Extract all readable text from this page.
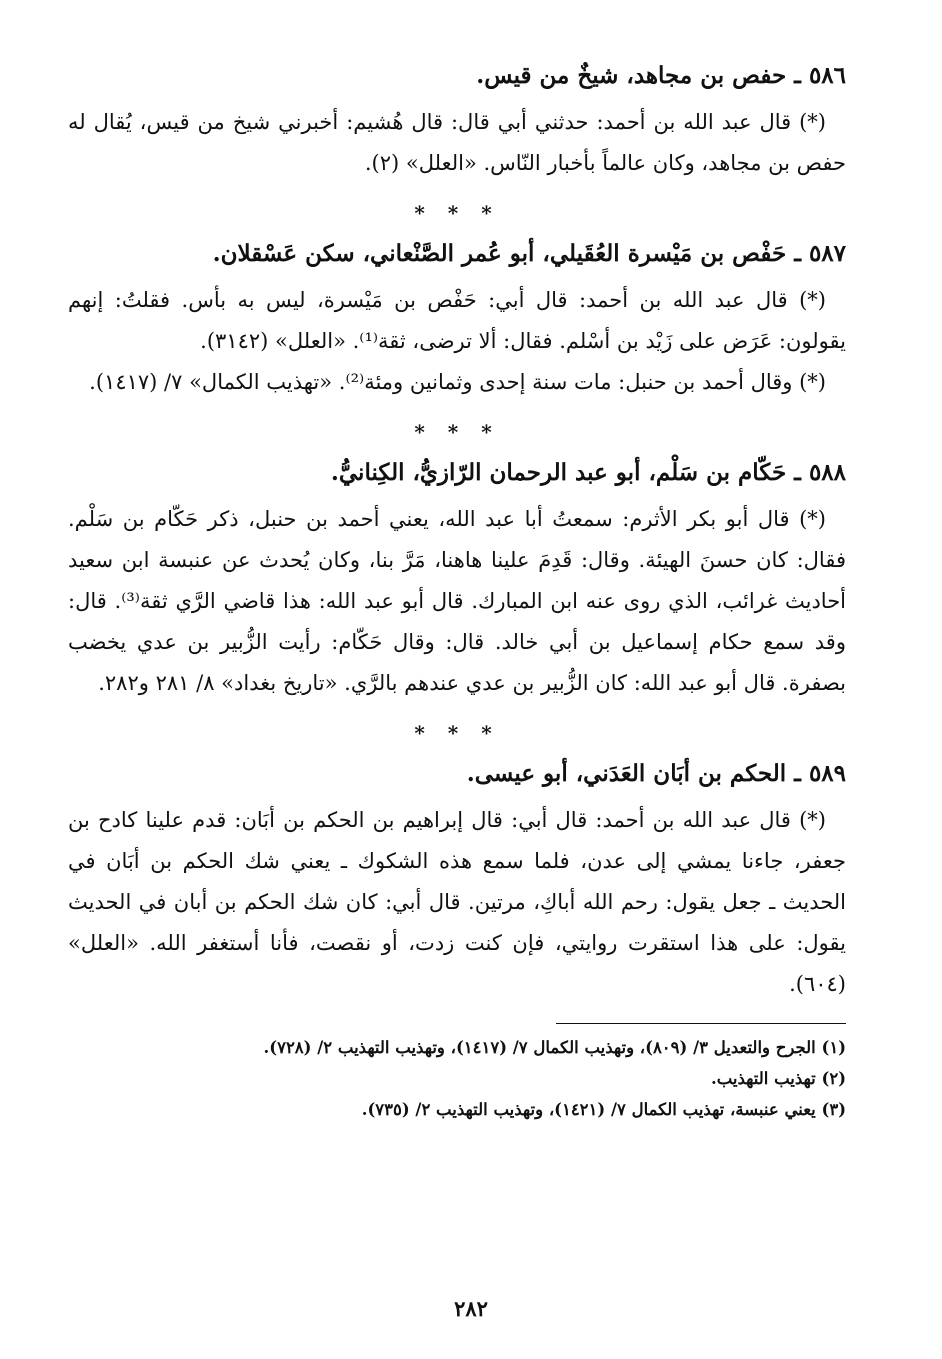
٥٨٦ ـ حفص بن مجاهد، شيخٌ من قيس.

(*) قال عبد الله بن أحمد: حدثني أبي قال: قال هُشيم: أخبرني شيخ من قيس، يُقال له حفص بن مجاهد، وكان عالماً بأخبار النّاس. «العلل» (٢).

* * *
٥٨٧ ـ حَفْص بن مَيْسرة العُقَيلي، أبو عُمر الصَّنْعاني، سكن عَسْقلان.

(*) قال عبد الله بن أحمد: قال أبي: حَفْص بن مَيْسرة، ليس به بأس. فقلتُ: إنهم يقولون: عَرَض على زَيْد بن أسْلم. فقال: ألا ترضى، ثقة⁽¹⁾. «العلل» (٣١٤٢).

(*) وقال أحمد بن حنبل: مات سنة إحدى وثمانين ومئة⁽²⁾. «تهذيب الكمال» ٧/ (١٤١٧).

* * *
٥٨٨ ـ حَكّام بن سَلْم، أبو عبد الرحمان الرّازيُّ، الكِنانيُّ.

(*) قال أبو بكر الأثرم: سمعتُ أبا عبد الله، يعني أحمد بن حنبل، ذكر حَكّام بن سَلْم. فقال: كان حسنَ الهيئة. وقال: قَدِمَ علينا هاهنا، مَرَّ بنا، وكان يُحدث عن عنبسة ابن سعيد أحاديث غرائب، الذي روى عنه ابن المبارك. قال أبو عبد الله: هذا قاضي الرَّي ثقة⁽³⁾. قال: وقد سمع حكام إسماعيل بن أبي خالد. قال: وقال حَكّام: رأيت الزُّبير بن عدي يخضب بصفرة. قال أبو عبد الله: كان الزُّبير بن عدي عندهم بالرَّي. «تاريخ بغداد» ٨/ ٢٨١ و٢٨٢.

* * *
٥٨٩ ـ الحكم بن أبَان العَدَني، أبو عيسى.

(*) قال عبد الله بن أحمد: قال أبي: قال إبراهيم بن الحكم بن أبَان: قدم علينا كادح بن جعفر، جاءنا يمشي إلى عدن، فلما سمع هذه الشكوك ـ يعني شك الحكم بن أبَان في الحديث ـ جعل يقول: رحم الله أباكِ، مرتين. قال أبي: كان شك الحكم بن أبان في الحديث يقول: على هذا استقرت روايتي، فإن كنت زدت، أو نقصت، فأنا أستغفر الله. «العلل» (٦٠٤).

(١) الجرح والتعديل ٣/ (٨٠٩)، وتهذيب الكمال ٧/ (١٤١٧)، وتهذيب التهذيب ٢/ (٧٢٨).

(٢) تهذيب التهذيب.

(٣) يعني عنبسة، تهذيب الكمال ٧/ (١٤٢١)، وتهذيب التهذيب ٢/ (٧٣٥).

٢٨٢
